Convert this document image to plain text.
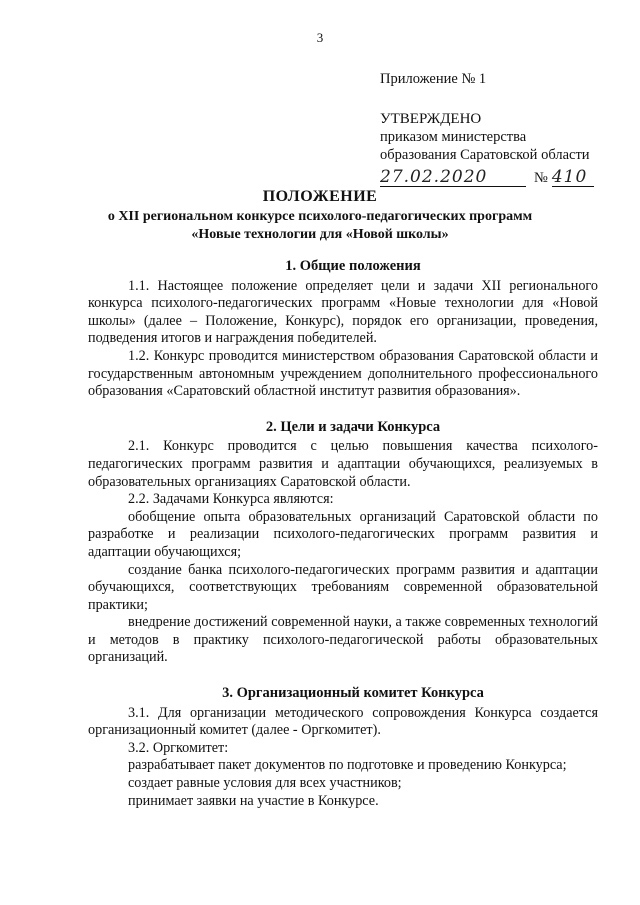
3
Приложение № 1
УТВЕРЖДЕНО
приказом министерства
образования Саратовской области
27.02.2020	№ 410
ПОЛОЖЕНИЕ
о XII региональном конкурсе психолого-педагогических программ
«Новые технологии для «Новой школы»
1. Общие положения

1.1. Настоящее положение определяет цели и задачи XII регионального конкурса психолого-педагогических программ «Новые технологии для «Новой школы» (далее – Положение, Конкурс), порядок его организации, проведения, подведения итогов и награждения победителей.

1.2. Конкурс проводится министерством образования Саратовской области и государственным автономным учреждением дополнительного профессионального образования «Саратовский областной институт развития образования».

2. Цели и задачи Конкурса

2.1. Конкурс проводится с целью повышения качества психолого-педагогических программ развития и адаптации обучающихся, реализуемых в образовательных организациях Саратовской области.

2.2. Задачами Конкурса являются:

обобщение опыта образовательных организаций Саратовской области по разработке и реализации психолого-педагогических программ развития и адаптации обучающихся;

создание банка психолого-педагогических программ развития и адаптации обучающихся, соответствующих требованиям современной образовательной практики;

внедрение достижений современной науки, а также современных технологий и методов в практику психолого-педагогической работы образовательных организаций.

3. Организационный комитет Конкурса

3.1. Для организации методического сопровождения Конкурса создается организационный комитет (далее - Оргкомитет).

3.2. Оргкомитет:

разрабатывает пакет документов по подготовке и проведению Конкурса;

создает равные условия для всех участников;

принимает заявки на участие в Конкурсе.
